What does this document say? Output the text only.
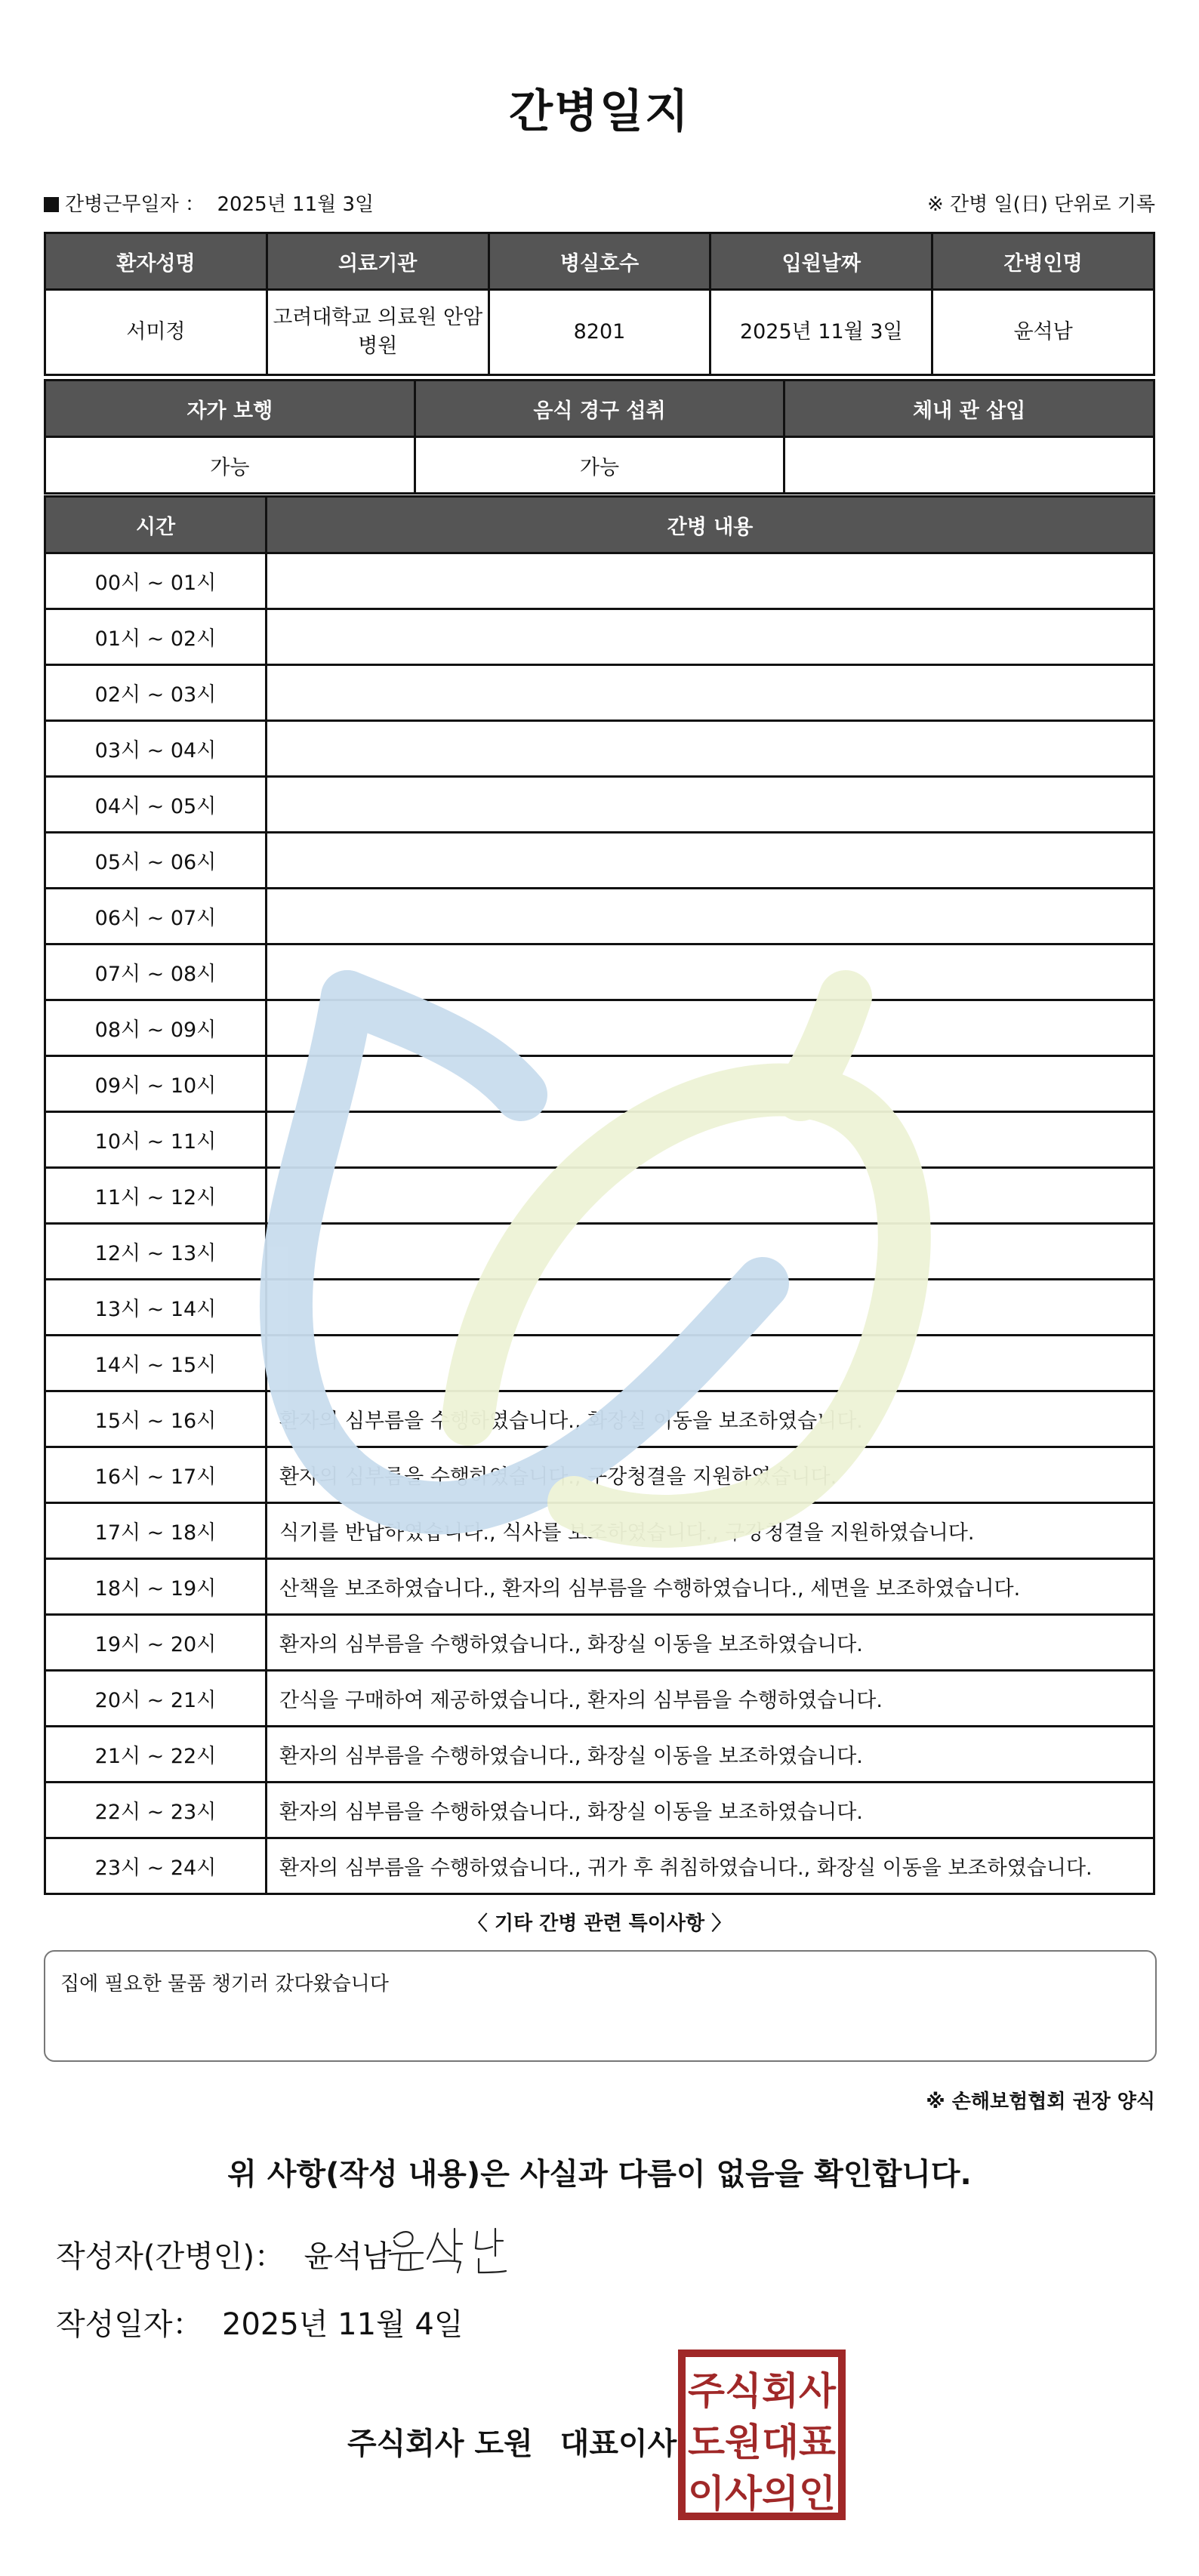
간병일지
간병근무일자 ： 2025년 11월 3일	※ 간병 일(日) 단위로 기록
환자성명	의료기관	병실호수	입원날짜	간병인명
서미정	고려대학교 의료원 안암병원	8201	2025년 11월 3일	윤석남
자가 보행	음식 경구 섭취	체내 관 삽입
가능	가능	
시간	간병 내용
00시 ~ 01시	
01시 ~ 02시	
02시 ~ 03시	
03시 ~ 04시	
04시 ~ 05시	
05시 ~ 06시	
06시 ~ 07시	
07시 ~ 08시	
08시 ~ 09시	
09시 ~ 10시	
10시 ~ 11시	
11시 ~ 12시	
12시 ~ 13시	
13시 ~ 14시	
14시 ~ 15시	
15시 ~ 16시	환자의 심부름을 수행하였습니다., 화장실 이동을 보조하였습니다.
16시 ~ 17시	환자의 심부름을 수행하였습니다., 구강청결을 지원하였습니다.
17시 ~ 18시	식기를 반납하였습니다., 식사를 보조하였습니다., 구강청결을 지원하였습니다.
18시 ~ 19시	산책을 보조하였습니다., 환자의 심부름을 수행하였습니다., 세면을 보조하였습니다.
19시 ~ 20시	환자의 심부름을 수행하였습니다., 화장실 이동을 보조하였습니다.
20시 ~ 21시	간식을 구매하여 제공하였습니다., 환자의 심부름을 수행하였습니다.
21시 ~ 22시	환자의 심부름을 수행하였습니다., 화장실 이동을 보조하였습니다.
22시 ~ 23시	환자의 심부름을 수행하였습니다., 화장실 이동을 보조하였습니다.
23시 ~ 24시	환자의 심부름을 수행하였습니다., 귀가 후 취침하였습니다., 화장실 이동을 보조하였습니다.
〈 기타 간병 관련 특이사항 〉
집에 필요한 물품 챙기러 갔다왔습니다
※ 손해보험협회 권장 양식
위 사항(작성 내용)은 사실과 다름이 없음을 확인합니다.
작성자(간병인)： 윤석남
작성일자： 2025년 11월 4일
주식회사 도원 대표이사
주식회사
도원대표
이사의인
